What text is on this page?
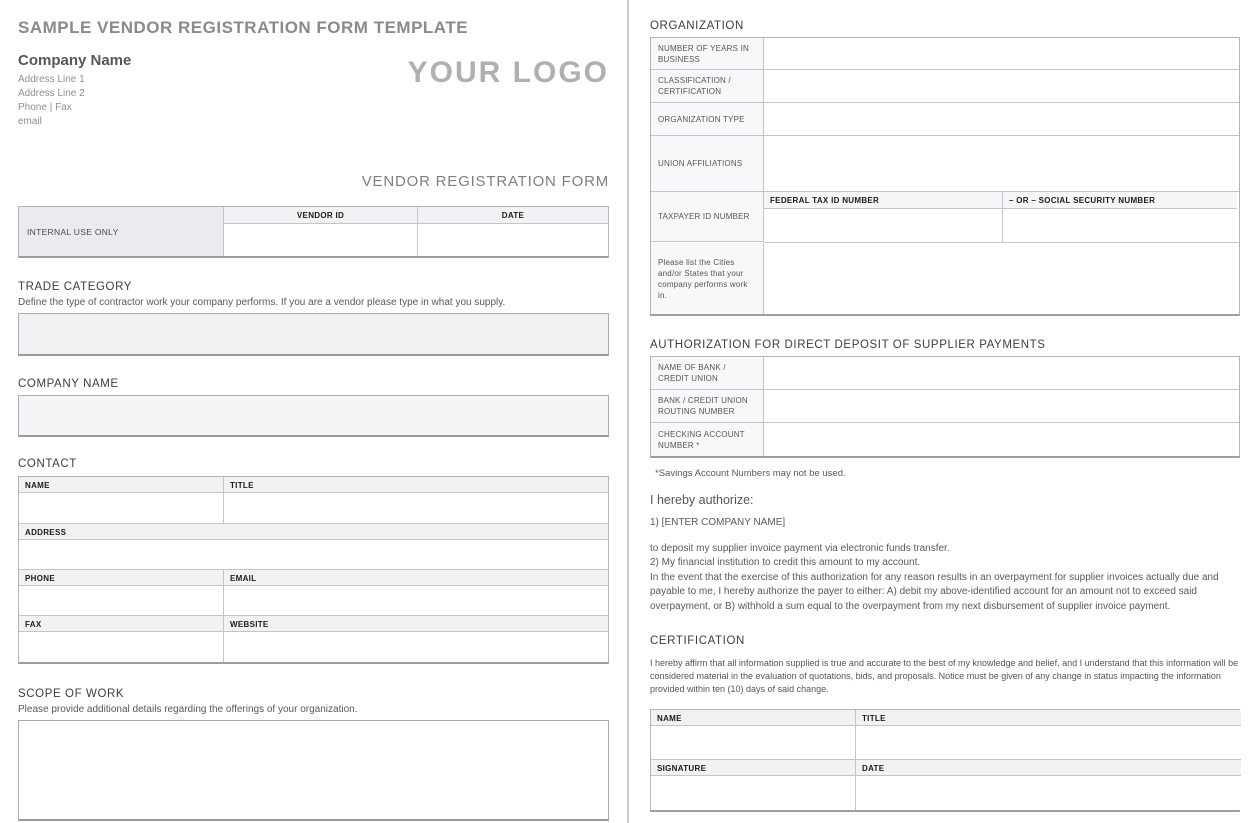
SAMPLE VENDOR REGISTRATION FORM TEMPLATE
Company Name
Address Line 1
Address Line 2
Phone | Fax
email
YOUR LOGO
VENDOR REGISTRATION FORM
INTERNAL USE ONLY
VENDOR ID	DATE
TRADE CATEGORY
Define the type of contractor work your company performs. If you are a vendor please type in what you supply.
COMPANY NAME
CONTACT
NAME	TITLE
ADDRESS
PHONE	EMAIL
FAX	WEBSITE
SCOPE OF WORK
Please provide additional details regarding the offerings of your organization.
ORGANIZATION
NUMBER OF YEARS IN BUSINESS
CLASSIFICATION / CERTIFICATION
ORGANIZATION TYPE
UNION AFFILIATIONS
TAXPAYER ID NUMBER
FEDERAL TAX ID NUMBER	– OR – SOCIAL SECURITY NUMBER
Please list the Cities and/or States that your company performs work in.
AUTHORIZATION FOR DIRECT DEPOSIT OF SUPPLIER PAYMENTS
NAME OF BANK / CREDIT UNION
BANK / CREDIT UNION ROUTING NUMBER
CHECKING ACCOUNT NUMBER *
*Savings Account Numbers may not be used.
I hereby authorize:
1) [ENTER COMPANY NAME]
to deposit my supplier invoice payment via electronic funds transfer.
2) My financial institution to credit this amount to my account.
In the event that the exercise of this authorization for any reason results in an overpayment for supplier invoices actually due and payable to me, I hereby authorize the payer to either: A) debit my above-identified account for an amount not to exceed said overpayment, or B) withhold a sum equal to the overpayment from my next disbursement of supplier invoice payment.
CERTIFICATION
I hereby affirm that all information supplied is true and accurate to the best of my knowledge and belief, and I understand that this information will be considered material in the evaluation of quotations, bids, and proposals. Notice must be given of any change in status impacting the information provided within ten (10) days of said change.
NAME	TITLE
SIGNATURE	DATE
